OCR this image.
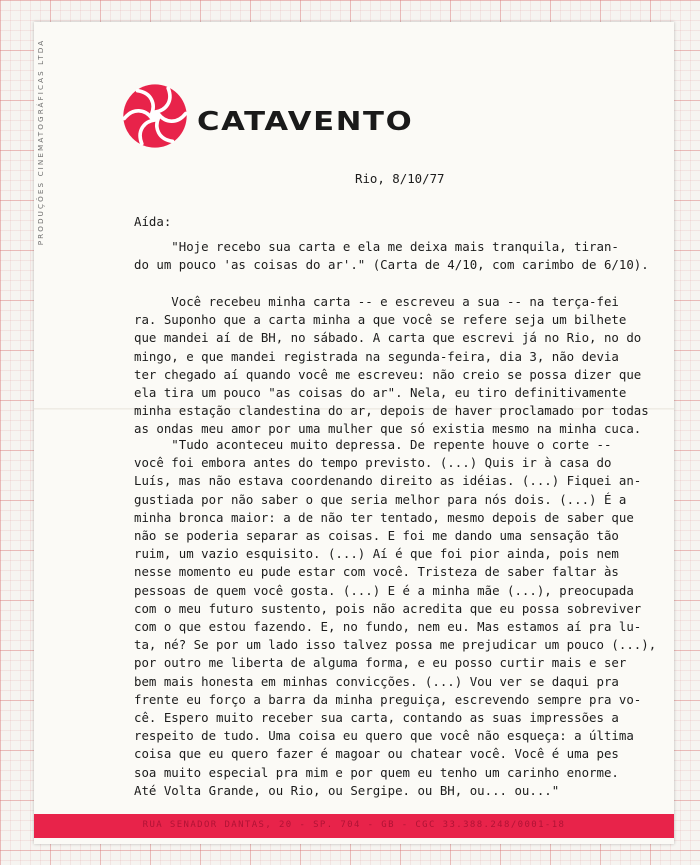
PRODUÇÕES CINEMATOGRÁFICAS LTDA	CATAVENTO
Rio, 8/10/77
Aída:
"Hoje recebo sua carta e ela me deixa mais tranquila, tiran-
do um pouco 'as coisas do ar'." (Carta de 4/10, com carimbo de 6/10).
Você recebeu minha carta -- e escreveu a sua -- na terça-fei
ra. Suponho que a carta minha a que você se refere seja um bilhete
que mandei aí de BH, no sábado. A carta que escrevi já no Rio, no do
mingo, e que mandei registrada na segunda-feira, dia 3, não devia
ter chegado aí quando você me escreveu: não creio se possa dizer que
ela tira um pouco "as coisas do ar". Nela, eu tiro definitivamente
minha estação clandestina do ar, depois de haver proclamado por todas
as ondas meu amor por uma mulher que só existia mesmo na minha cuca.
"Tudo aconteceu muito depressa. De repente houve o corte --
você foi embora antes do tempo previsto. (...) Quis ir à casa do
Luís, mas não estava coordenando direito as idéias. (...) Fiquei an-
gustiada por não saber o que seria melhor para nós dois. (...) É a
minha bronca maior: a de não ter tentado, mesmo depois de saber que
não se poderia separar as coisas. E foi me dando uma sensação tão
ruim, um vazio esquisito. (...) Aí é que foi pior ainda, pois nem
nesse momento eu pude estar com você. Tristeza de saber faltar às
pessoas de quem você gosta. (...) E é a minha mãe (...), preocupada
com o meu futuro sustento, pois não acredita que eu possa sobreviver
com o que estou fazendo. E, no fundo, nem eu. Mas estamos aí pra lu-
ta, né? Se por um lado isso talvez possa me prejudicar um pouco (...),
por outro me liberta de alguma forma, e eu posso curtir mais e ser
bem mais honesta em minhas convicções. (...) Vou ver se daqui pra
frente eu forço a barra da minha preguiça, escrevendo sempre pra vo-
cê. Espero muito receber sua carta, contando as suas impressões a
respeito de tudo. Uma coisa eu quero que você não esqueça: a última
coisa que eu quero fazer é magoar ou chatear você. Você é uma pes
soa muito especial pra mim e por quem eu tenho um carinho enorme.
Até Volta Grande, ou Rio, ou Sergipe. ou BH, ou... ou..."
RUA SENADOR DANTAS, 20 - SP. 704 - GB - CGC 33.388.248/0001-18
